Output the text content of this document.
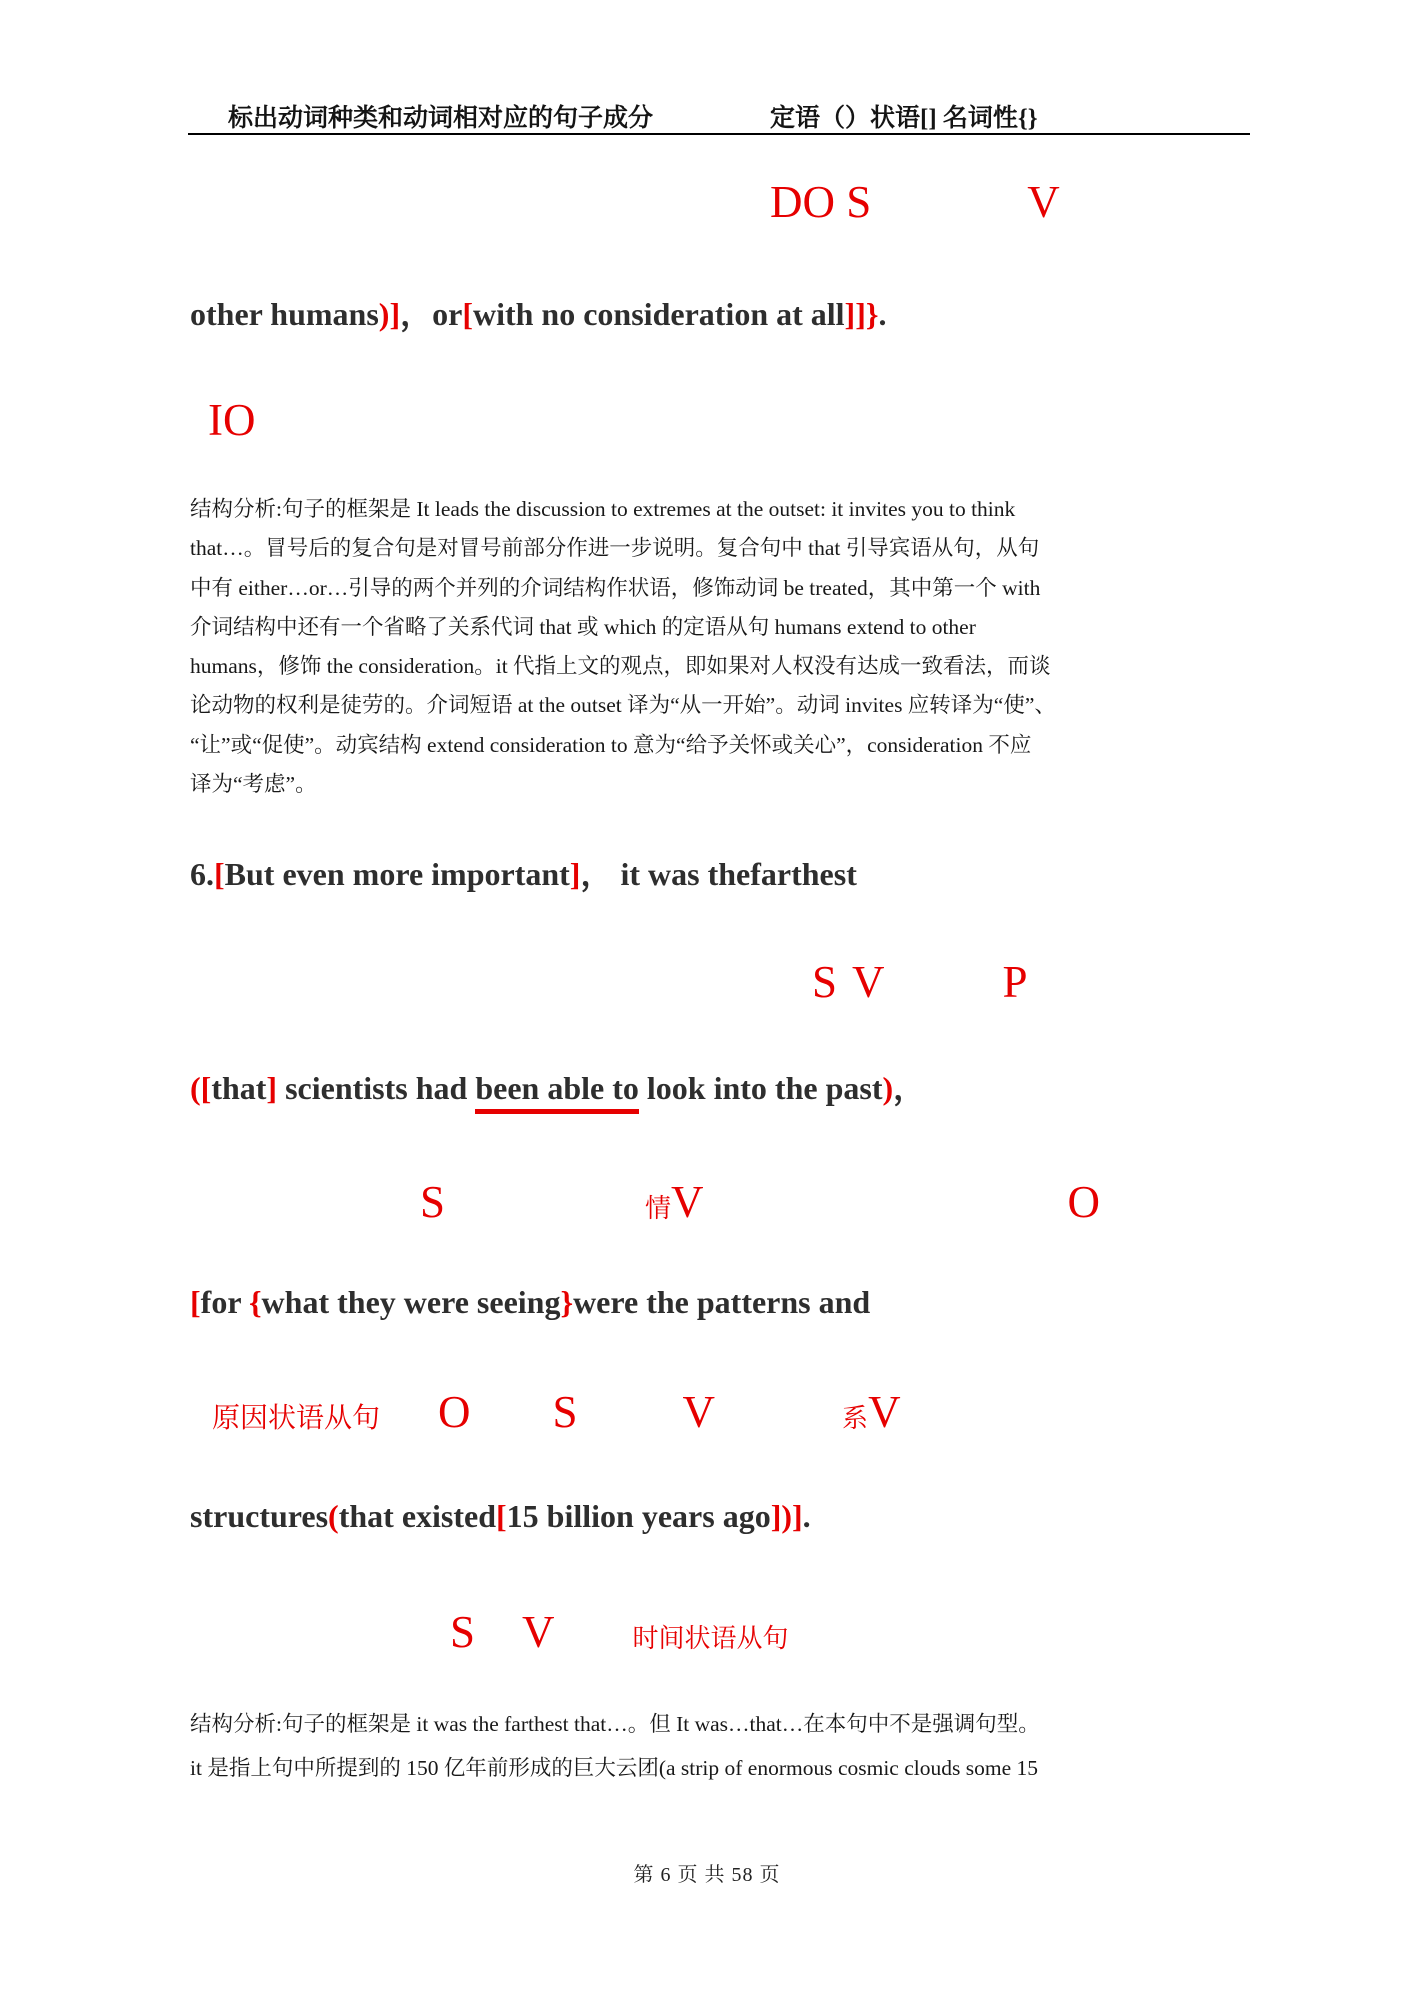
标出动词种类和动词相对应的句子成分	定语（）状语[] 名词性{}
DO S	V
other humans)]，or[with no consideration at all]]}.
IO
结构分析:句子的框架是 It leads the discussion to extremes at the outset: it invites you to think
that…。冒号后的复合句是对冒号前部分作进一步说明。复合句中 that 引导宾语从句，从句
中有 either…or…引导的两个并列的介词结构作状语，修饰动词 be treated，其中第一个 with
介词结构中还有一个省略了关系代词 that 或 which 的定语从句 humans extend to other
humans，修饰 the consideration。it 代指上文的观点，即如果对人权没有达成一致看法，而谈
论动物的权利是徒劳的。介词短语 at the outset 译为“从一开始”。动词 invites 应转译为“使”、
“让”或“促使”。动宾结构 extend consideration to 意为“给予关怀或关心”，consideration 不应
译为“考虑”。
6.[But even more important]， it was thefarthest
S V	P
([that] scientists had been able to look into the past)，
S	情V	O
[for {what they were seeing}were the patterns and
原因状语从句 O S V	系V
structures(that existed[15 billion years ago])].
S V	时间状语从句
结构分析:句子的框架是 it was the farthest that…。但 It was…that…在本句中不是强调句型。
it 是指上句中所提到的 150 亿年前形成的巨大云团(a strip of enormous cosmic clouds some 15
第 6 页 共 58 页
